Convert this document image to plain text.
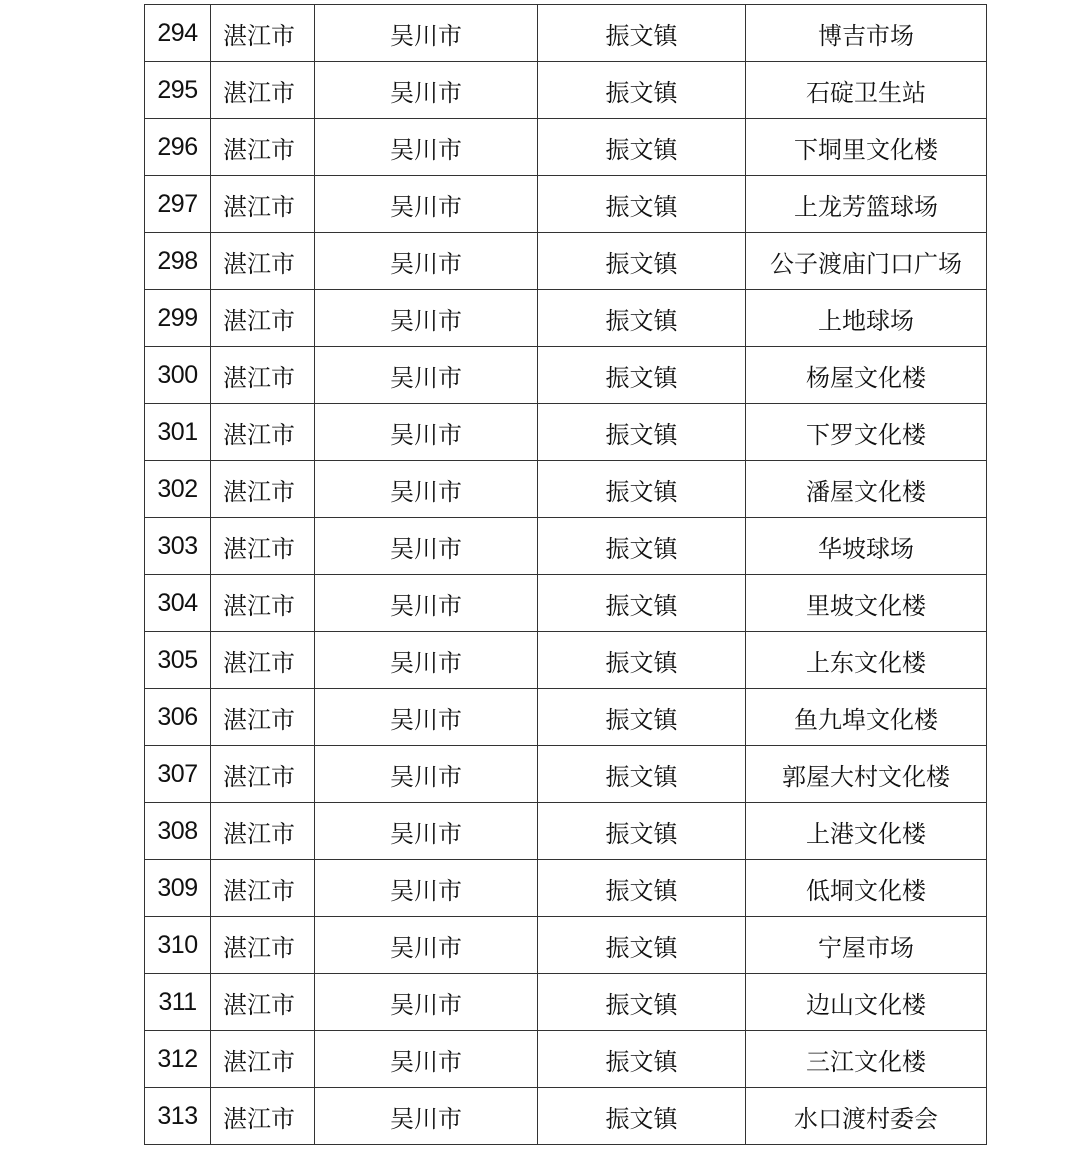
294	湛江市	吴川市	振文镇	博吉市场
295	湛江市	吴川市	振文镇	石碇卫生站
296	湛江市	吴川市	振文镇	下垌里文化楼
297	湛江市	吴川市	振文镇	上龙芳篮球场
298	湛江市	吴川市	振文镇	公子渡庙门口广场
299	湛江市	吴川市	振文镇	上地球场
300	湛江市	吴川市	振文镇	杨屋文化楼
301	湛江市	吴川市	振文镇	下罗文化楼
302	湛江市	吴川市	振文镇	潘屋文化楼
303	湛江市	吴川市	振文镇	华坡球场
304	湛江市	吴川市	振文镇	里坡文化楼
305	湛江市	吴川市	振文镇	上东文化楼
306	湛江市	吴川市	振文镇	鱼九埠文化楼
307	湛江市	吴川市	振文镇	郭屋大村文化楼
308	湛江市	吴川市	振文镇	上港文化楼
309	湛江市	吴川市	振文镇	低垌文化楼
310	湛江市	吴川市	振文镇	宁屋市场
311	湛江市	吴川市	振文镇	边山文化楼
312	湛江市	吴川市	振文镇	三江文化楼
313	湛江市	吴川市	振文镇	水口渡村委会
